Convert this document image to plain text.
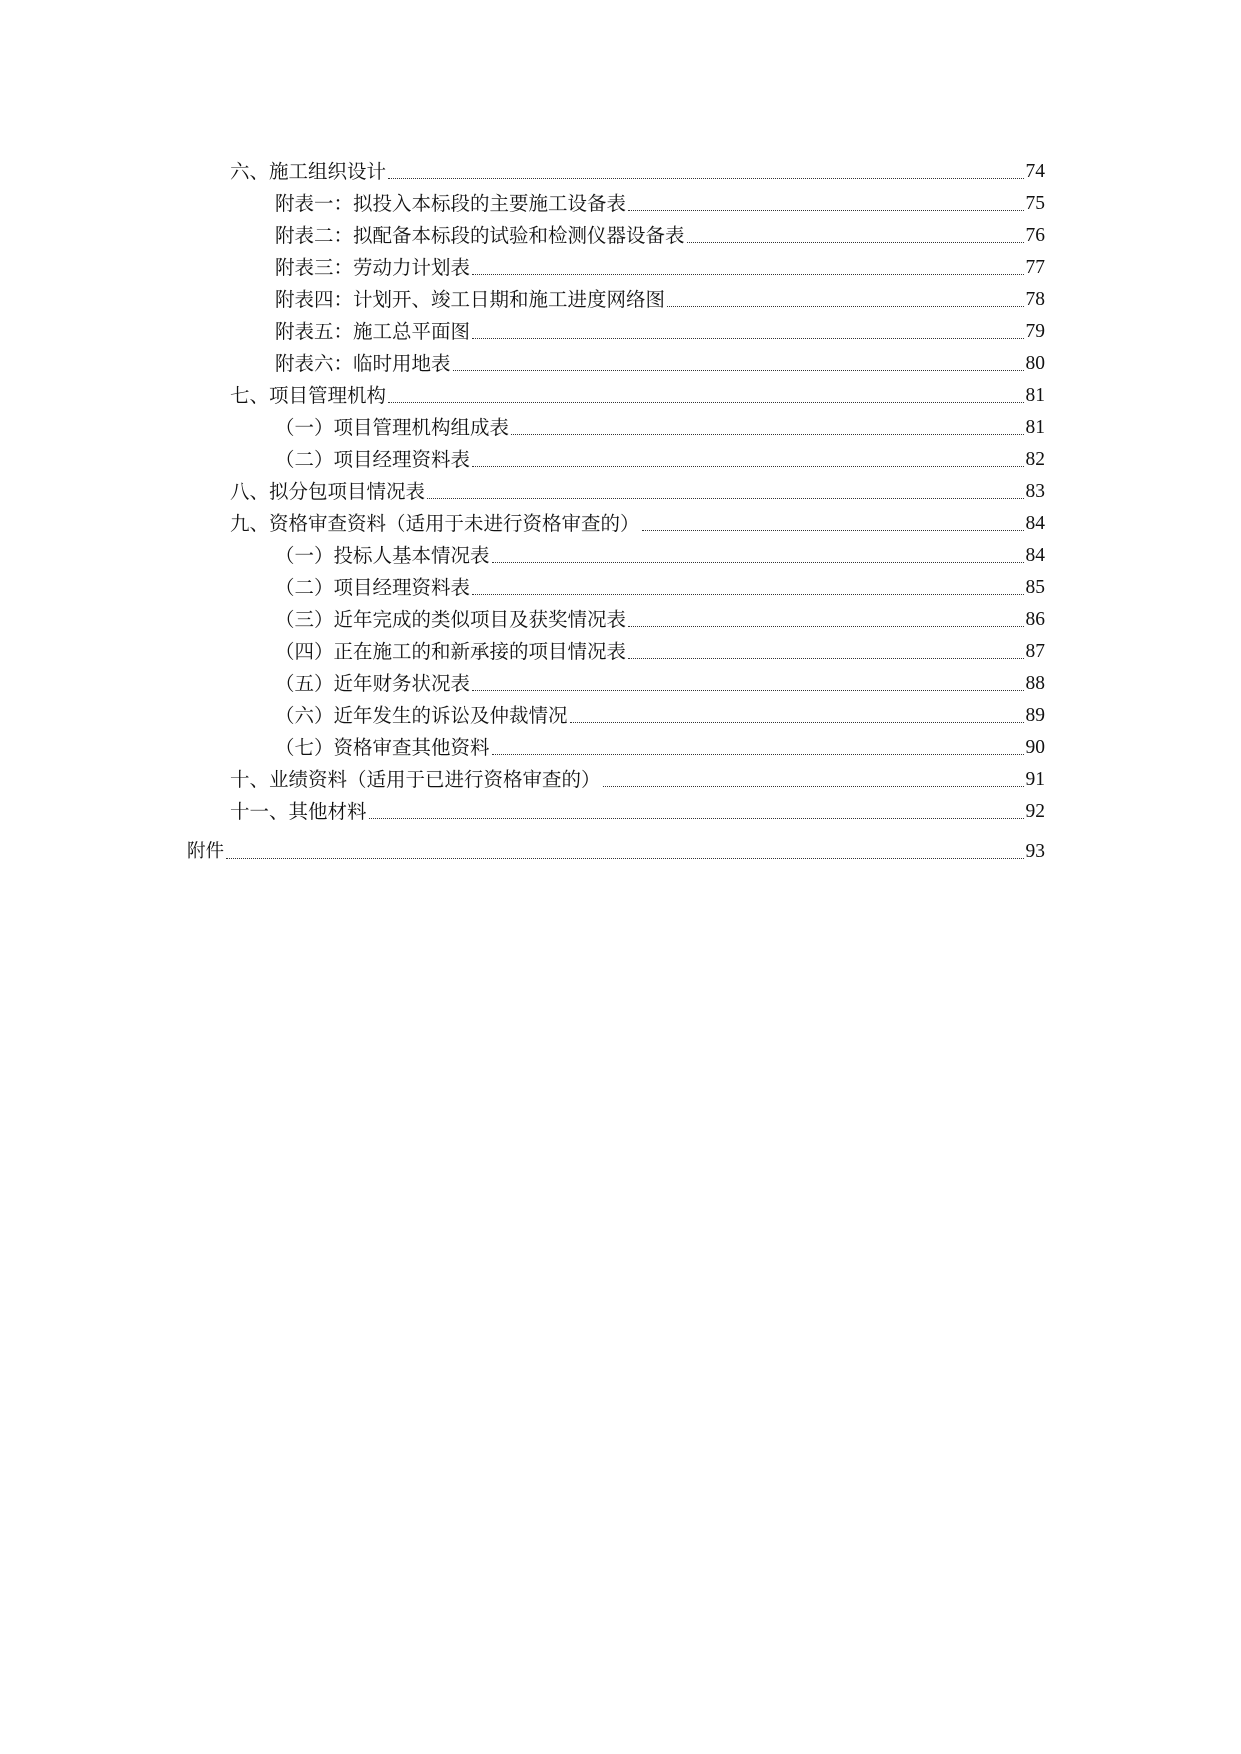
六、施工组织设计	74
附表一：拟投入本标段的主要施工设备表	75
附表二：拟配备本标段的试验和检测仪器设备表	76
附表三：劳动力计划表	77
附表四：计划开、竣工日期和施工进度网络图	78
附表五：施工总平面图	79
附表六：临时用地表	80
七、项目管理机构	81
（一）项目管理机构组成表	81
（二）项目经理资料表	82
八、拟分包项目情况表	83
九、资格审查资料（适用于未进行资格审查的）	84
（一）投标人基本情况表	84
（二）项目经理资料表	85
（三）近年完成的类似项目及获奖情况表	86
（四）正在施工的和新承接的项目情况表	87
（五）近年财务状况表	88
（六）近年发生的诉讼及仲裁情况	89
（七）资格审查其他资料	90
十、业绩资料（适用于已进行资格审查的）	91
十一、其他材料	92
附件	93
